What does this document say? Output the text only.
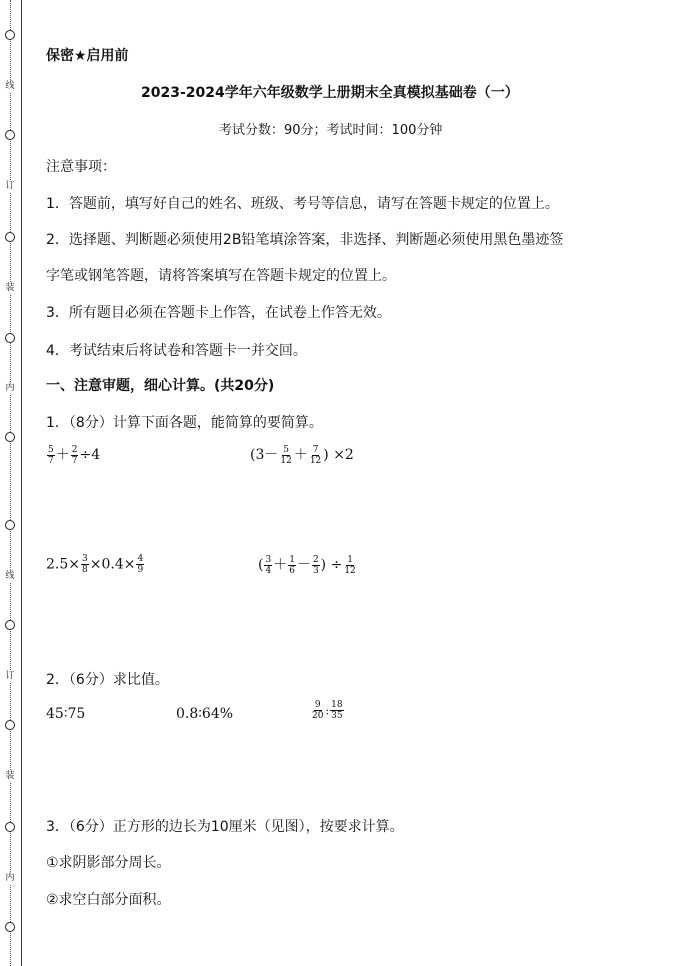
线
订
装
内
线
订
装
内
保密★启用前
2023-2024学年六年级数学上册期末全真模拟基础卷（一）
考试分数：90分；考试时间：100分钟
注意事项：
1．答题前，填写好自己的姓名、班级、考号等信息，请写在答题卡规定的位置上。
2．选择题、判断题必须使用2B铅笔填涂答案，非选择、判断题必须使用黑色墨迹签
字笔或钢笔答题，请将答案填写在答题卡规定的位置上。
3．所有题目必须在答题卡上作答，在试卷上作答无效。
4．考试结束后将试卷和答题卡一并交回。
一、注意审题，细心计算。(共20分)
1．（8分）计算下面各题，能简算的要简算。
$\frac{5}{7} + \frac{2}{7} \div 4$	($3- \frac{5}{12} + \frac{7}{12}$ ) ×2
$2.5\times \frac{3}{8} \times 0.4\times \frac{4}{9}$	( $\frac{3}{4} + \frac{1}{6} - \frac{2}{3}$ ) ÷ $\frac{1}{12}$
2．（6分）求比值。
45∶75	0.8∶64%	$\frac{9}{20}$ : $\frac{18}{35}$
3．（6分）正方形的边长为10厘米（见图），按要求计算。
①求阴影部分周长。
②求空白部分面积。
